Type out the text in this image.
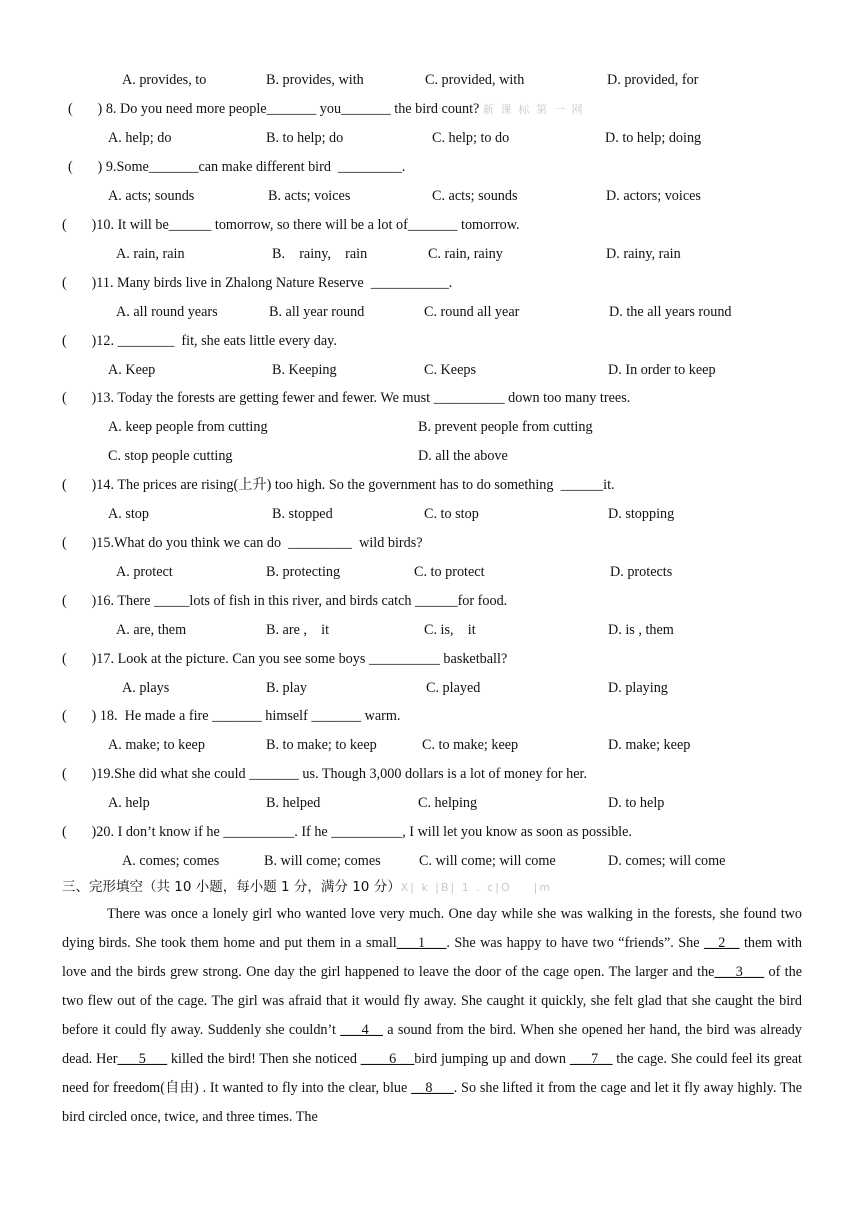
A. provides, to	B. provides, with	C. provided, with	D. provided, for
(       ) 8. Do you need more people_______ you_______ the bird count? 新 课 标 第 一 网
A. help; do	B. to help; do	C. help; to do	D. to help; doing
(       ) 9.Some_______can make different bird  _________.
A. acts; sounds	B. acts; voices	C. acts; sounds	D. actors; voices
(       )10. It will be______ tomorrow, so there will be a lot of_______ tomorrow.
A. rain, rain	B.    rainy,    rain	C. rain, rainy	D. rainy, rain
(       )11. Many birds live in Zhalong Nature Reserve  ___________.
A. all round years	B. all year round	C. round all year	D. the all years round
(       )12. ________  fit, she eats little every day.
A. Keep	B. Keeping	C. Keeps	D. In order to keep
(       )13. Today the forests are getting fewer and fewer. We must __________ down too many trees.
A. keep people from cutting	B. prevent people from cutting
C. stop people cutting	D. all the above
(       )14. The prices are rising(上升) too high. So the government has to do something  ______it.
A. stop	B. stopped	C. to stop	D. stopping
(       )15.What do you think we can do  _________  wild birds?
A. protect	B. protecting	C. to protect	D. protects
(       )16. There _____lots of fish in this river, and birds catch ______for food.
A. are, them	B. are ,    it	C. is,    it	D. is , them
(       )17. Look at the picture. Can you see some boys __________ basketball?
A. plays	B. play	C. played	D. playing
(       ) 18. He made a fire _______ himself _______ warm.
A. make; to keep	B. to make; to keep	C. to make; keep	D. make; keep
(       )19.She did what she could _______ us. Though 3,000 dollars is a lot of money for her.
A. help	B. helped	C. helping	D. to help
(       )20. I don’t know if he __________. If he __________, I will let you know as soon as possible.
A. comes; comes	B. will come; comes	C. will come; will come	D. comes; will come
三、完形填空（共 10 小题，每小题 1 分，满分 10 分）X| k |B| 1 . c|O    |m
There was once a lonely girl who wanted love very much. One day while she was walking in the forests, she found two dying birds. She took them home and put them in a small___1___. She was happy to have two “friends”. She __2__ them with love and the birds grew strong. One day the girl happened to leave the door of the cage open. The larger and the___3___ of the two flew out of the cage. The girl was afraid that it would fly away. She caught it quickly, she felt glad that she caught the bird before it could fly away. Suddenly she couldn’t ___4__ a sound from the bird. When she opened her hand, the bird was already dead. Her___5___ killed the bird! Then she noticed ____6 __bird jumping up and down ___7__ the cage. She could feel its great need for freedom(自由) . It wanted to fly into the clear, blue __8___. So she lifted it from the cage and let it fly away highly. The bird circled once, twice, and three times. The
